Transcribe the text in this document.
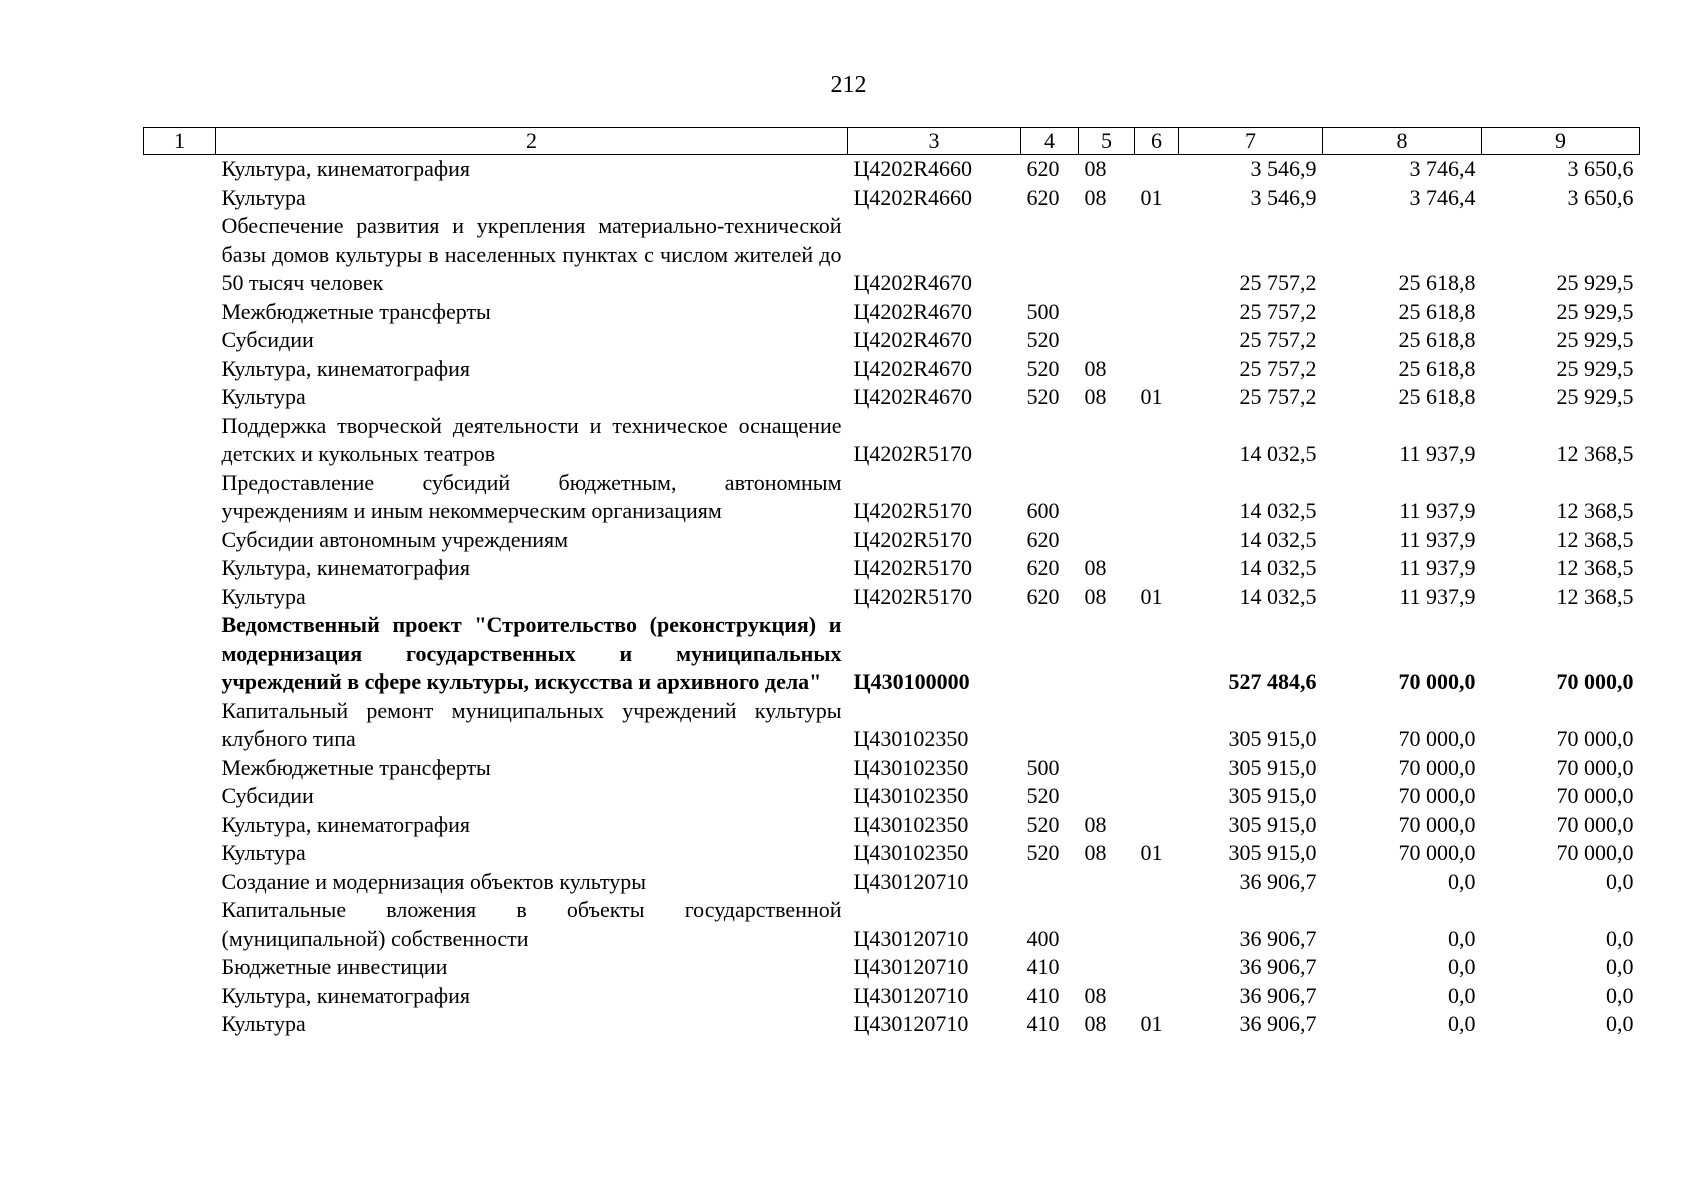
212
1	2	3	4	5	6	7	8	9
	Культура, кинематография	Ц4202R4660	620	08		3 546,9	3 746,4	3 650,6
	Культура	Ц4202R4660	620	08	01	3 546,9	3 746,4	3 650,6
	Обеспечение развития и укрепления материально-технической базы домов культуры в населенных пунктах с числом жителей до 50 тысяч человек	Ц4202R4670				25 757,2	25 618,8	25 929,5
	Межбюджетные трансферты	Ц4202R4670	500			25 757,2	25 618,8	25 929,5
	Субсидии	Ц4202R4670	520			25 757,2	25 618,8	25 929,5
	Культура, кинематография	Ц4202R4670	520	08		25 757,2	25 618,8	25 929,5
	Культура	Ц4202R4670	520	08	01	25 757,2	25 618,8	25 929,5
	Поддержка творческой деятельности и техническое оснащение детских и кукольных театров	Ц4202R5170				14 032,5	11 937,9	12 368,5
	Предоставление субсидий бюджетным, автономным учреждениям и иным некоммерческим организациям	Ц4202R5170	600			14 032,5	11 937,9	12 368,5
	Субсидии автономным учреждениям	Ц4202R5170	620			14 032,5	11 937,9	12 368,5
	Культура, кинематография	Ц4202R5170	620	08		14 032,5	11 937,9	12 368,5
	Культура	Ц4202R5170	620	08	01	14 032,5	11 937,9	12 368,5
	Ведомственный проект "Строительство (реконструкция) и модернизация государственных и муниципальных учреждений в сфере культуры, искусства и архивного дела"	Ц430100000				527 484,6	70 000,0	70 000,0
	Капитальный ремонт муниципальных учреждений культуры клубного типа	Ц430102350				305 915,0	70 000,0	70 000,0
	Межбюджетные трансферты	Ц430102350	500			305 915,0	70 000,0	70 000,0
	Субсидии	Ц430102350	520			305 915,0	70 000,0	70 000,0
	Культура, кинематография	Ц430102350	520	08		305 915,0	70 000,0	70 000,0
	Культура	Ц430102350	520	08	01	305 915,0	70 000,0	70 000,0
	Создание и модернизация объектов культуры	Ц430120710				36 906,7	0,0	0,0
	Капитальные вложения в объекты государственной (муниципальной) собственности	Ц430120710	400			36 906,7	0,0	0,0
	Бюджетные инвестиции	Ц430120710	410			36 906,7	0,0	0,0
	Культура, кинематография	Ц430120710	410	08		36 906,7	0,0	0,0
	Культура	Ц430120710	410	08	01	36 906,7	0,0	0,0
